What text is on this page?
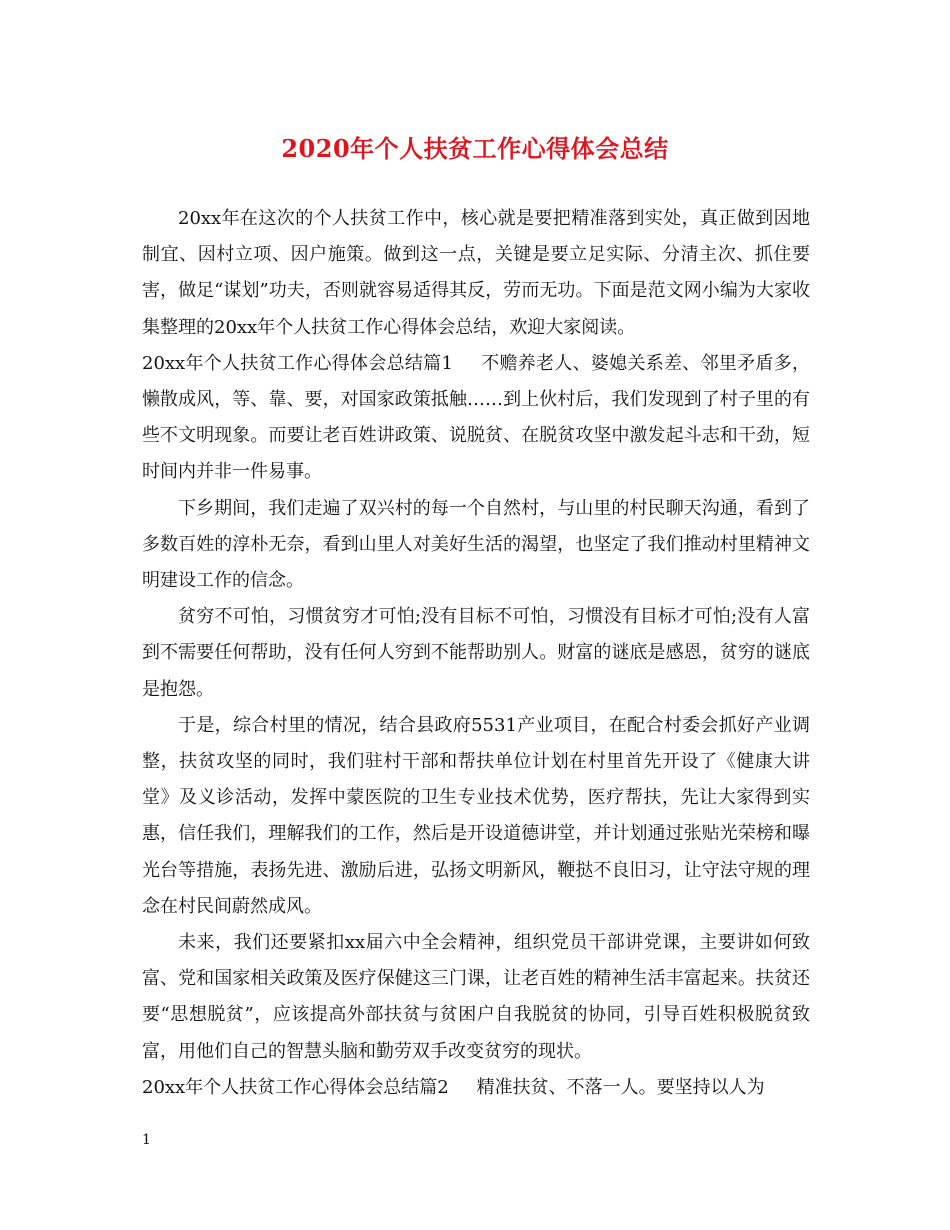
2020年个人扶贫工作心得体会总结

20xx年在这次的个人扶贫工作中，核心就是要把精准落到实处，真正做到因地制宜、因村立项、因户施策。做到这一点，关键是要立足实际、分清主次、抓住要害，做足“谋划”功夫，否则就容易适得其反，劳而无功。下面是范文网小编为大家收集整理的20xx年个人扶贫工作心得体会总结，欢迎大家阅读。

20xx年个人扶贫工作心得体会总结篇1 不赡养老人、婆媳关系差、邻里矛盾多，懒散成风，等、靠、要，对国家政策抵触……到上伙村后，我们发现到了村子里的有些不文明现象。而要让老百姓讲政策、说脱贫、在脱贫攻坚中激发起斗志和干劲，短时间内并非一件易事。

下乡期间，我们走遍了双兴村的每一个自然村，与山里的村民聊天沟通，看到了多数百姓的淳朴无奈，看到山里人对美好生活的渴望，也坚定了我们推动村里精神文明建设工作的信念。

贫穷不可怕，习惯贫穷才可怕;没有目标不可怕，习惯没有目标才可怕;没有人富到不需要任何帮助，没有任何人穷到不能帮助别人。财富的谜底是感恩，贫穷的谜底是抱怨。

于是，综合村里的情况，结合县政府5531产业项目，在配合村委会抓好产业调整，扶贫攻坚的同时，我们驻村干部和帮扶单位计划在村里首先开设了《健康大讲堂》及义诊活动，发挥中蒙医院的卫生专业技术优势，医疗帮扶，先让大家得到实惠，信任我们，理解我们的工作，然后是开设道德讲堂，并计划通过张贴光荣榜和曝光台等措施，表扬先进、激励后进，弘扬文明新风，鞭挞不良旧习，让守法守规的理念在村民间蔚然成风。

未来，我们还要紧扣xx届六中全会精神，组织党员干部讲党课，主要讲如何致富、党和国家相关政策及医疗保健这三门课，让老百姓的精神生活丰富起来。扶贫还要“思想脱贫”，应该提高外部扶贫与贫困户自我脱贫的协同，引导百姓积极脱贫致富，用他们自己的智慧头脑和勤劳双手改变贫穷的现状。

20xx年个人扶贫工作心得体会总结篇2 精准扶贫、不落一人。要坚持以人为

1
